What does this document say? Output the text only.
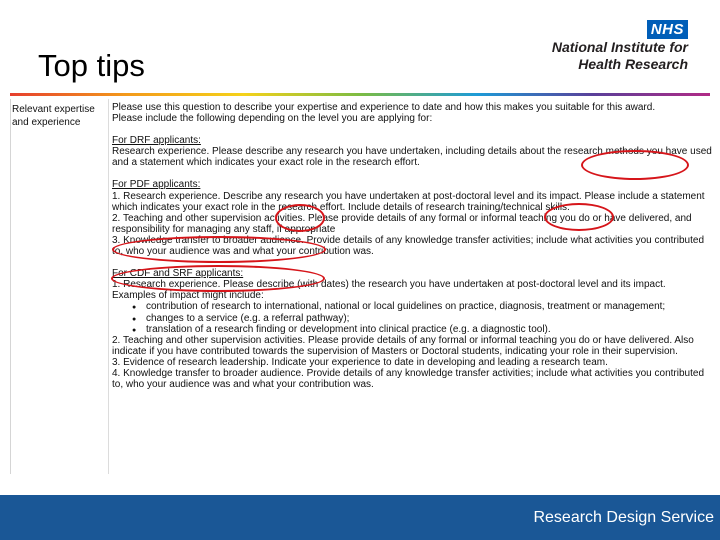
Top tips
NHS
National Institute for
Health Research
Relevant expertise and experience

Please use this question to describe your expertise and experience to date and how this makes you suitable for this award.

Please include the following depending on the level you are applying for:

For DRF applicants:

Research experience. Please describe any research you have undertaken, including details about the research methods you have used and a statement which indicates your exact role in the research effort.

For PDF applicants:

1. Research experience. Describe any research you have undertaken at post-doctoral level and its impact. Please include a statement which indicates your exact role in the research effort. Include details of research training/technical skills.

2. Teaching and other supervision activities. Please provide details of any formal or informal teaching you do or have delivered, and responsibility for managing any staff, if appropriate

3. Knowledge transfer to broader audience. Provide details of any knowledge transfer activities; include what activities you contributed to, who your audience was and what your contribution was.

For CDF and SRF applicants:

1. Research experience. Please describe (with dates) the research you have undertaken at post-doctoral level and its impact. Examples of impact might include:

● contribution of research to international, national or local guidelines on practice, diagnosis, treatment or management;
● changes to a service (e.g. a referral pathway);
● translation of a research finding or development into clinical practice (e.g. a diagnostic tool).

2. Teaching and other supervision activities. Please provide details of any formal or informal teaching you do or have delivered. Also indicate if you have contributed towards the supervision of Masters or Doctoral students, indicating your role in their supervision.

3. Evidence of research leadership. Indicate your experience to date in developing and leading a research team.

4. Knowledge transfer to broader audience. Provide details of any knowledge transfer activities; include what activities you contributed to, who your audience was and what your contribution was.

Research Design Service
